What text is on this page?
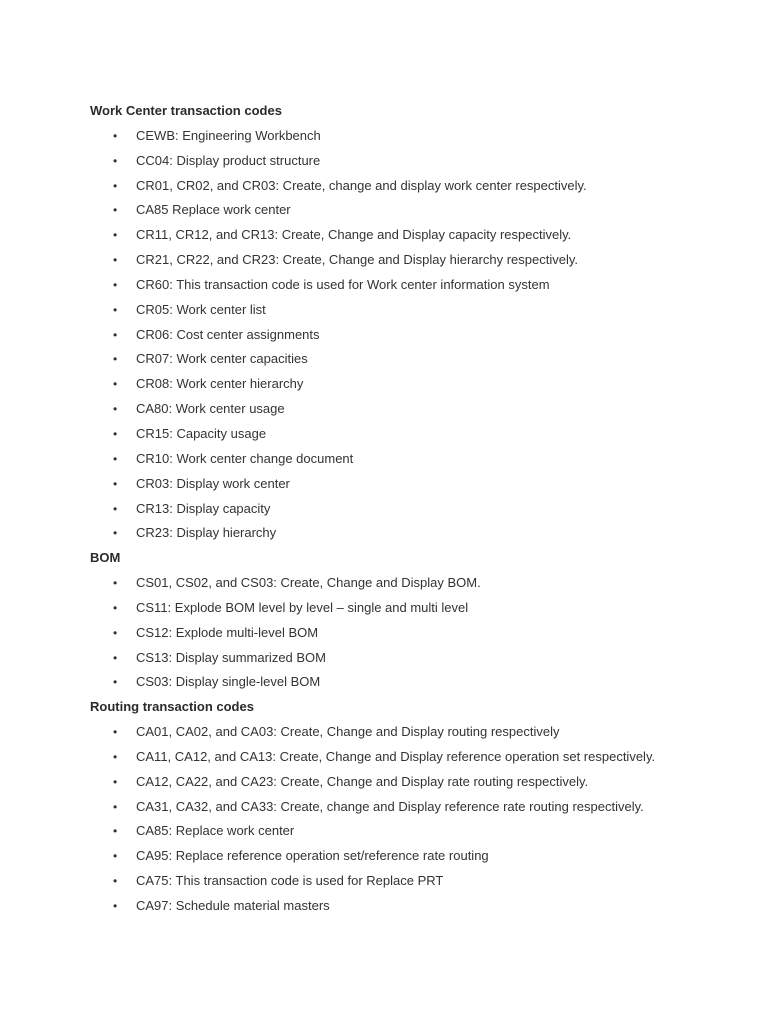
Work Center transaction codes
• CEWB: Engineering Workbench
• CC04: Display product structure
• CR01, CR02, and CR03: Create, change and display work center respectively.
• CA85 Replace work center
• CR11, CR12, and CR13: Create, Change and Display capacity respectively.
• CR21, CR22, and CR23: Create, Change and Display hierarchy respectively.
• CR60: This transaction code is used for Work center information system
• CR05: Work center list
• CR06: Cost center assignments
• CR07: Work center capacities
• CR08: Work center hierarchy
• CA80: Work center usage
• CR15: Capacity usage
• CR10: Work center change document
• CR03: Display work center
• CR13: Display capacity
• CR23: Display hierarchy
BOM
• CS01, CS02, and CS03: Create, Change and Display BOM.
• CS11: Explode BOM level by level – single and multi level
• CS12: Explode multi-level BOM
• CS13: Display summarized BOM
• CS03: Display single-level BOM
Routing transaction codes
• CA01, CA02, and CA03: Create, Change and Display routing respectively
• CA11, CA12, and CA13: Create, Change and Display reference operation set respectively.
• CA12, CA22, and CA23: Create, Change and Display rate routing respectively.
• CA31, CA32, and CA33: Create, change and Display reference rate routing respectively.
• CA85: Replace work center
• CA95: Replace reference operation set/reference rate routing
• CA75: This transaction code is used for Replace PRT
• CA97: Schedule material masters
